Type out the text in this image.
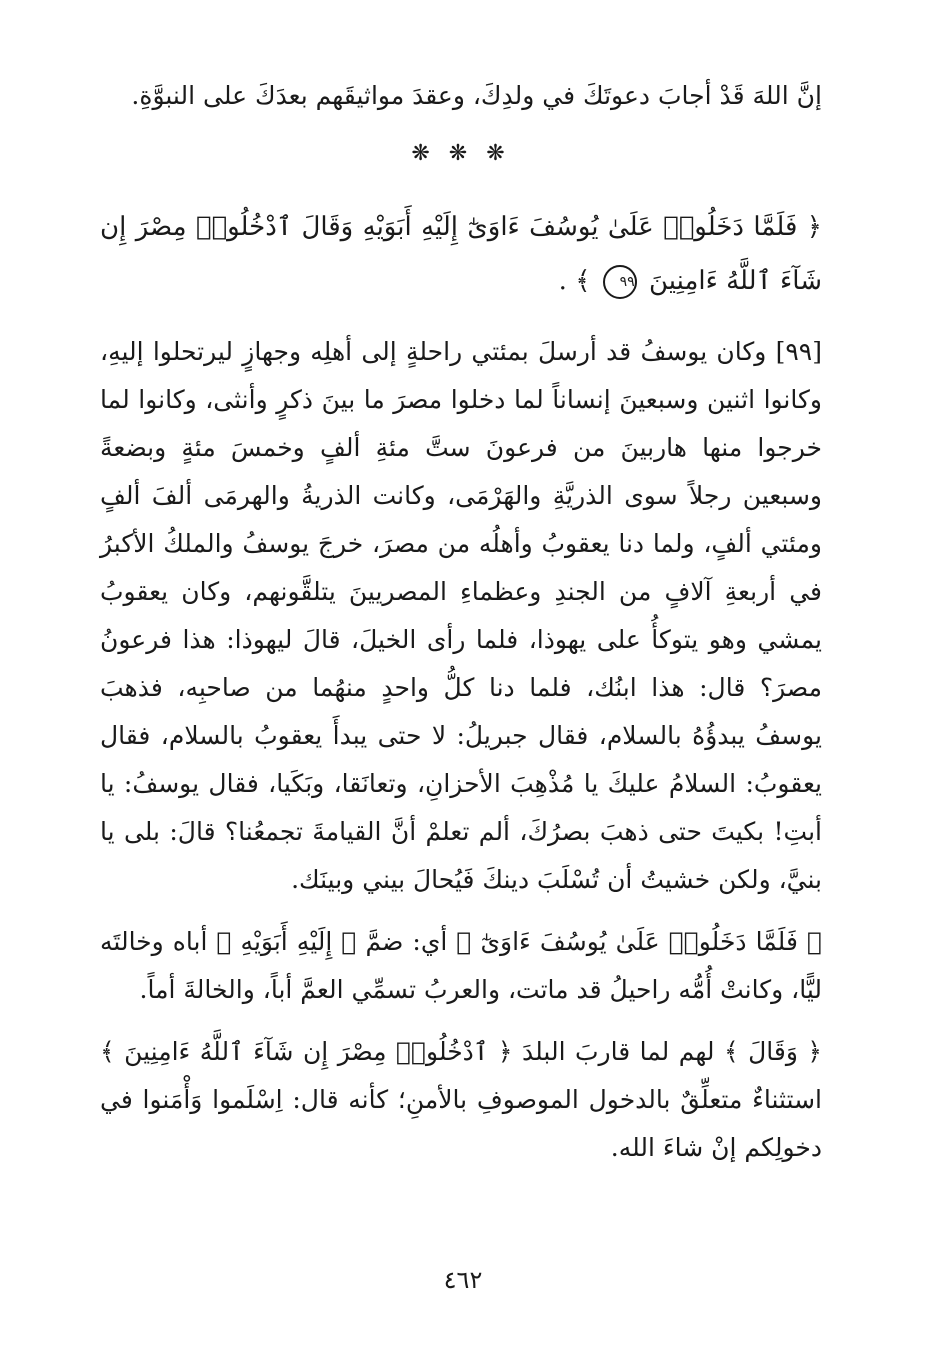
إنَّ اللهَ قَدْ أجابَ دعوتَكَ في ولدِكَ، وعقدَ مواثيقَهم بعدَكَ على النبوَّةِ.

❋ ❋ ❋

﴿ فَلَمَّا دَخَلُوا۟ عَلَىٰ يُوسُفَ ءَاوَىٰٓ إِلَيْهِ أَبَوَيْهِ وَقَالَ ٱدْخُلُوا۟ مِصْرَ إِن شَآءَ ٱللَّهُ ءَامِنِينَ ٩٩ ﴾ .

[٩٩] وكان يوسفُ قد أرسلَ بمئتي راحلةٍ إلى أهلِه وجهازٍ ليرتحلوا إليهِ، وكانوا اثنين وسبعينَ إنساناً لما دخلوا مصرَ ما بينَ ذكرٍ وأنثى، وكانوا لما خرجوا منها هاربينَ من فرعونَ ستَّ مئةِ ألفٍ وخمسَ مئةٍ وبضعةً وسبعين رجلاً سوى الذريَّةِ والهَرْمَى، وكانت الذريةُ والهرمَى ألفَ ألفٍ ومئتي ألفٍ، ولما دنا يعقوبُ وأهلُه من مصرَ، خرجَ يوسفُ والملكُ الأكبرُ في أربعةِ آلافٍ من الجندِ وعظماءِ المصريينَ يتلقَّونهم، وكان يعقوبُ يمشي وهو يتوكأُ على يهوذا، فلما رأى الخيلَ، قالَ ليهوذا: هذا فرعونُ مصرَ؟ قال: هذا ابنُك، فلما دنا كلُّ واحدٍ منهُما من صاحبِه، فذهبَ يوسفُ يبدؤُهُ بالسلام، فقال جبريلُ: لا حتى يبدأَ يعقوبُ بالسلام، فقال يعقوبُ: السلامُ عليكَ يا مُذْهِبَ الأحزانِ، وتعانَقا، وبَكَيا، فقال يوسفُ: يا أبتِ! بكيتَ حتى ذهبَ بصرُكَ، ألم تعلمْ أنَّ القيامةَ تجمعُنا؟ قالَ: بلى يا بنيَّ، ولكن خشيتُ أن تُسْلَبَ دينكَ فَيُحالَ بيني وبينَك.

﴿ فَلَمَّا دَخَلُوا۟ عَلَىٰ يُوسُفَ ءَاوَىٰٓ ﴾ أي: ضمَّ ﴿ إِلَيْهِ أَبَوَيْهِ ﴾ أباه وخالتَه ليًّا، وكانتْ أُمُّه راحيلُ قد ماتت، والعربُ تسمِّي العمَّ أباً، والخالةَ أماً.

﴿ وَقَالَ ﴾ لهم لما قاربَ البلدَ ﴿ ٱدْخُلُوا۟ مِصْرَ إِن شَآءَ ٱللَّهُ ءَامِنِينَ ﴾ استثناءٌ متعلِّقٌ بالدخول الموصوفِ بالأمنِ؛ كأنه قال: اِسْلَموا وَأْمَنوا في دخولِكم إنْ شاءَ الله.

٤٦٢
